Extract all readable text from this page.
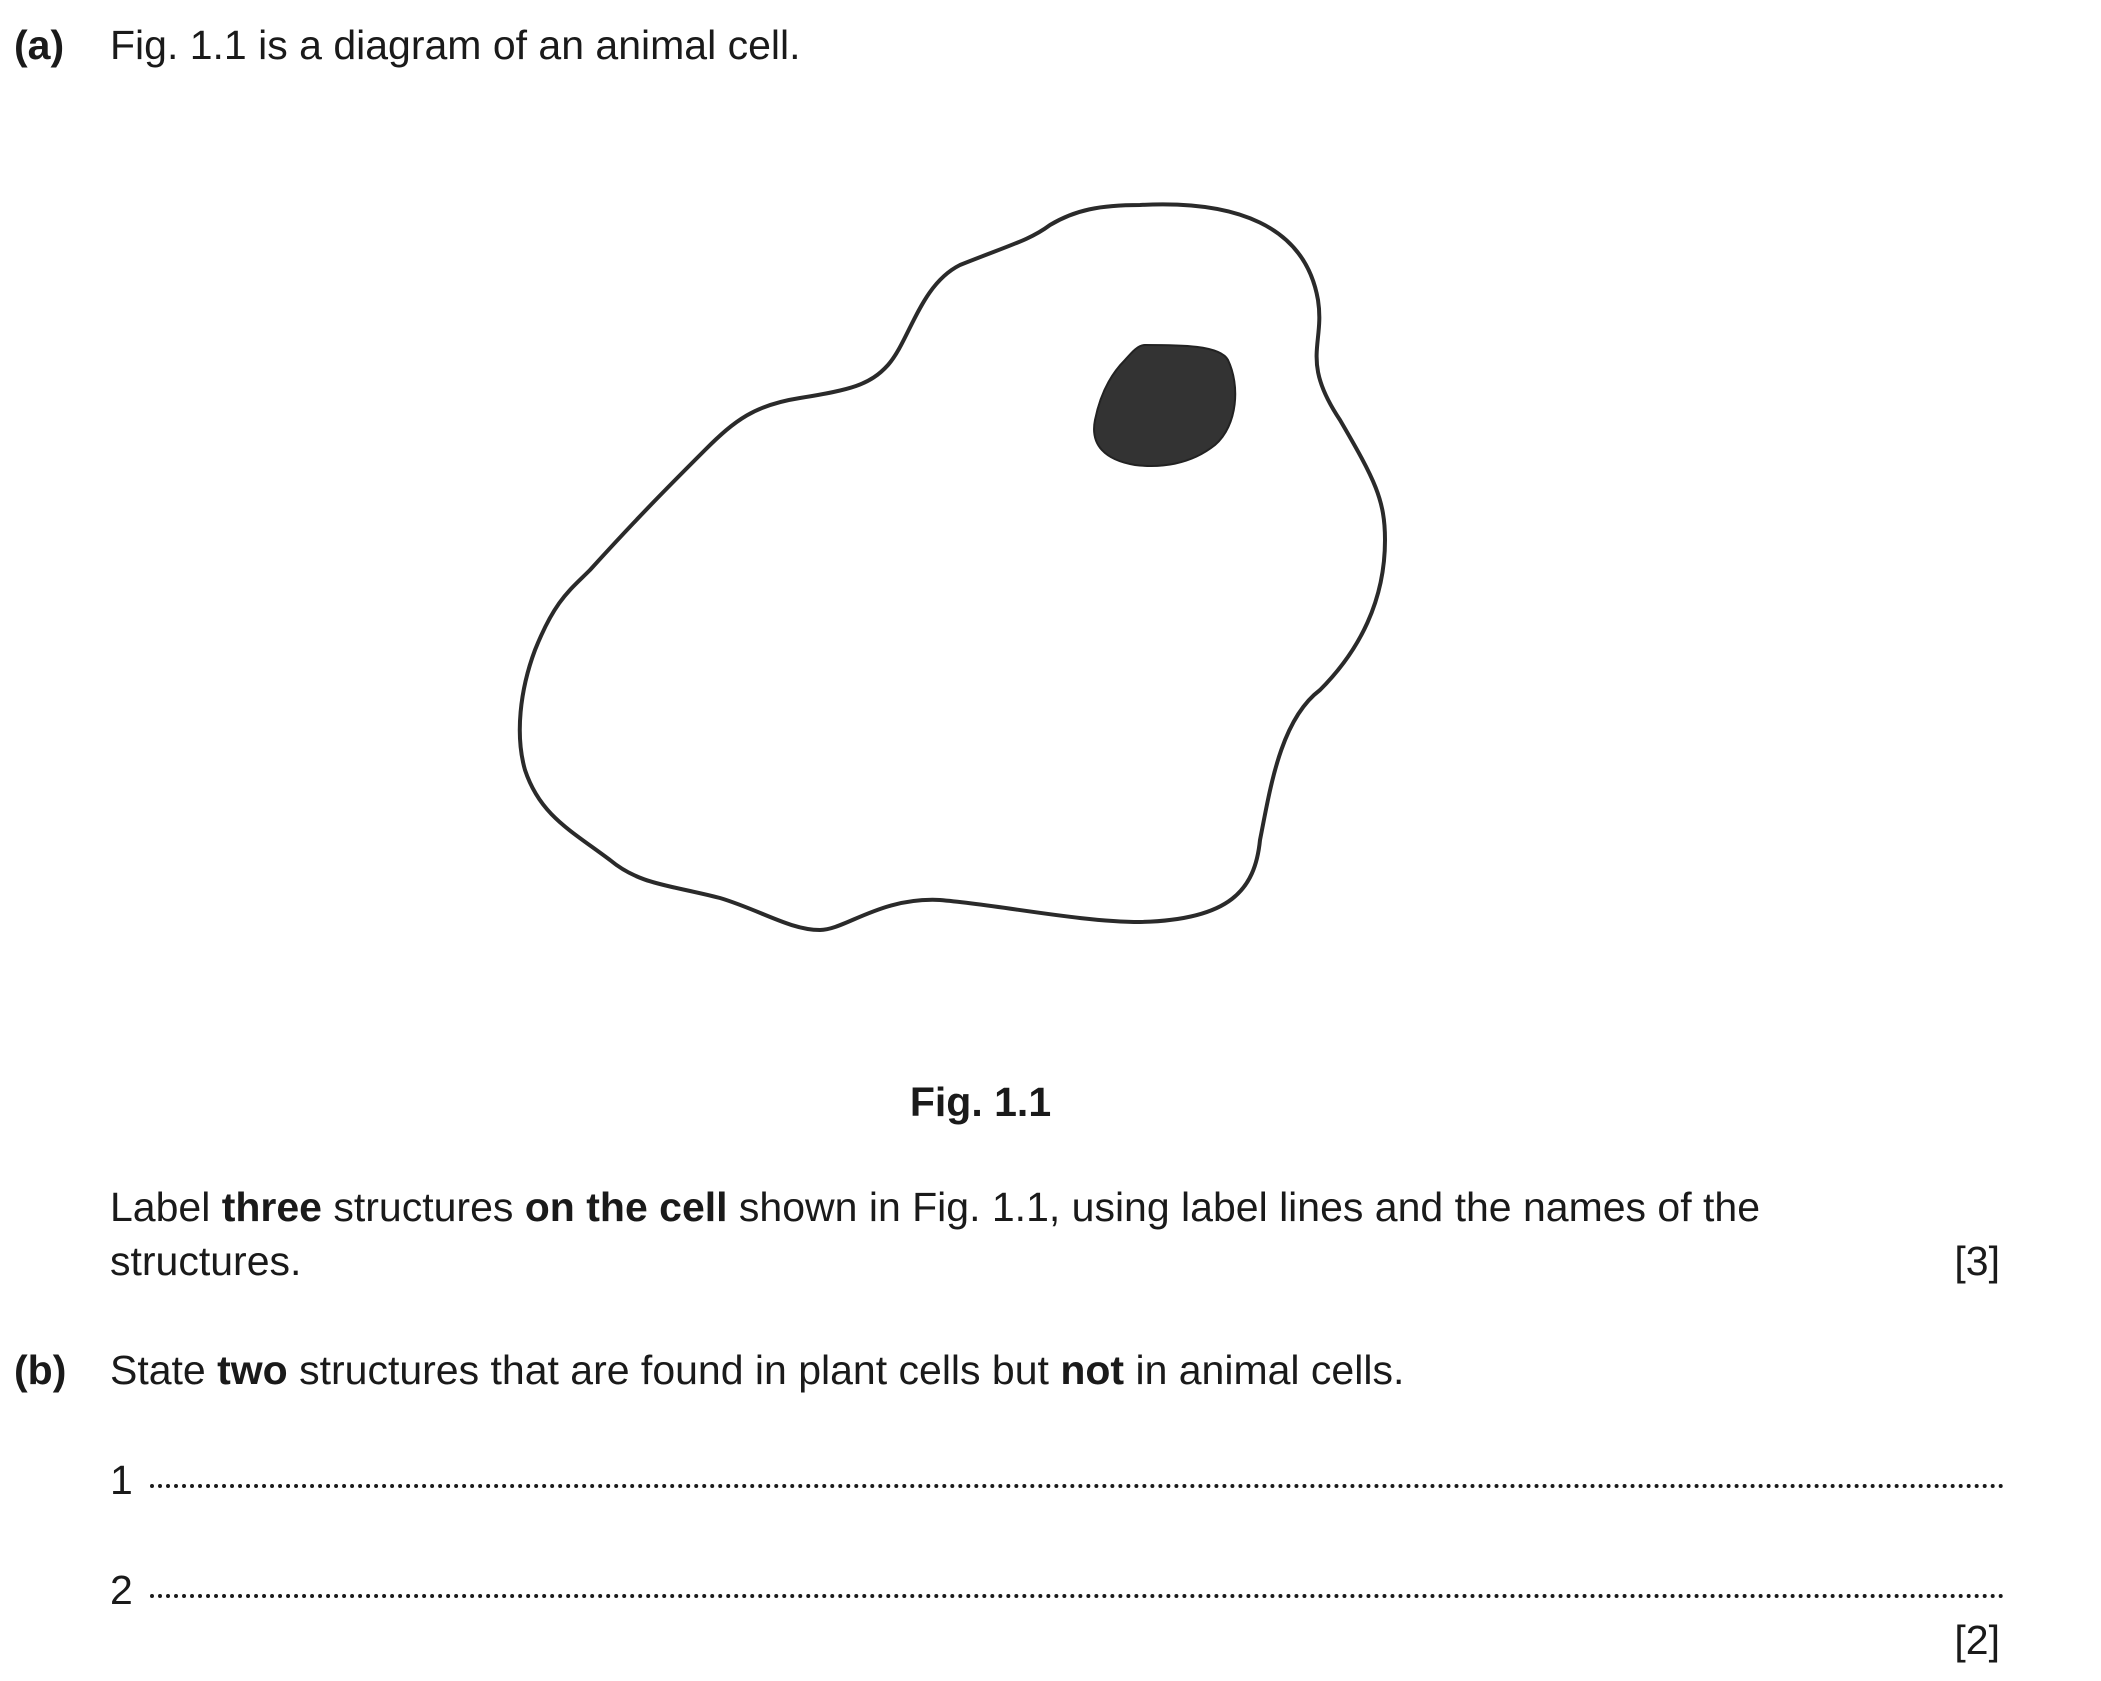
(a) Fig. 1.1 is a diagram of an animal cell.
Fig. 1.1
Label three structures on the cell shown in Fig. 1.1, using label lines and the names of the
structures.	[3]
(b) State two structures that are found in plant cells but not in animal cells.
1
2
[2]
